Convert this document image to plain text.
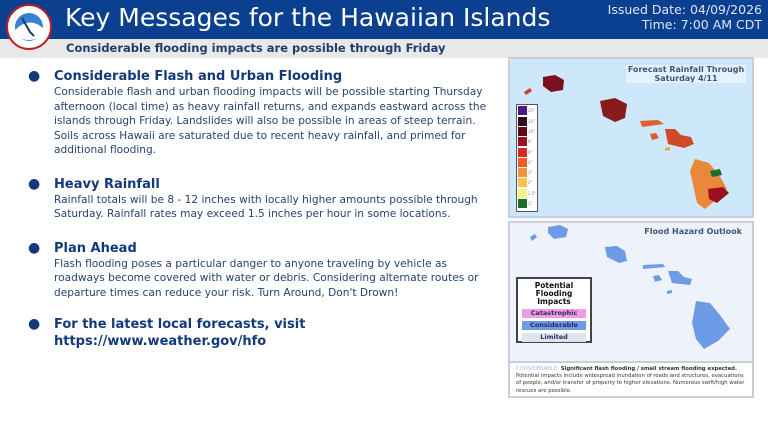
Key Messages for the Hawaiian Islands	Issued Date: 04/09/2026
Time: 7:00 AM CDT
Considerable flooding impacts are possible through Friday
● Considerable Flash and Urban Flooding
Considerable flash and urban flooding impacts will be possible starting Thursday afternoon (local time) as heavy rainfall returns, and expands eastward across the islands through Friday. Landslides will also be possible in areas of steep terrain. Soils across Hawaii are saturated due to recent heavy rainfall, and primed for additional flooding.
● Heavy Rainfall
Rainfall totals will be 8 - 12 inches with locally higher amounts possible through Saturday. Rainfall rates may exceed 1.5 inches per hour in some locations.
● Plan Ahead
Flash flooding poses a particular danger to anyone traveling by vehicle as roadways become covered with water or debris. Considering alternate routes or departure times can reduce your risk. Turn Around, Don't Drown!
● For the latest local forecasts, visit https://www.weather.gov/hfo
Forecast Rainfall Through Saturday 4/11
20"
15"
10"
8"
6"
4"
3"
2"
1.5"
1"
Flood Hazard Outlook
Potential Flooding Impacts
Catastrophic
Considerable
Limited
CONSIDERABLE: Significant flash flooding / small stream flooding expected. Potential impacts include widespread inundation of roads and structures, evacuations of people, and/or transfer of property to higher elevations. Numerous swift/high water rescues are possible.
